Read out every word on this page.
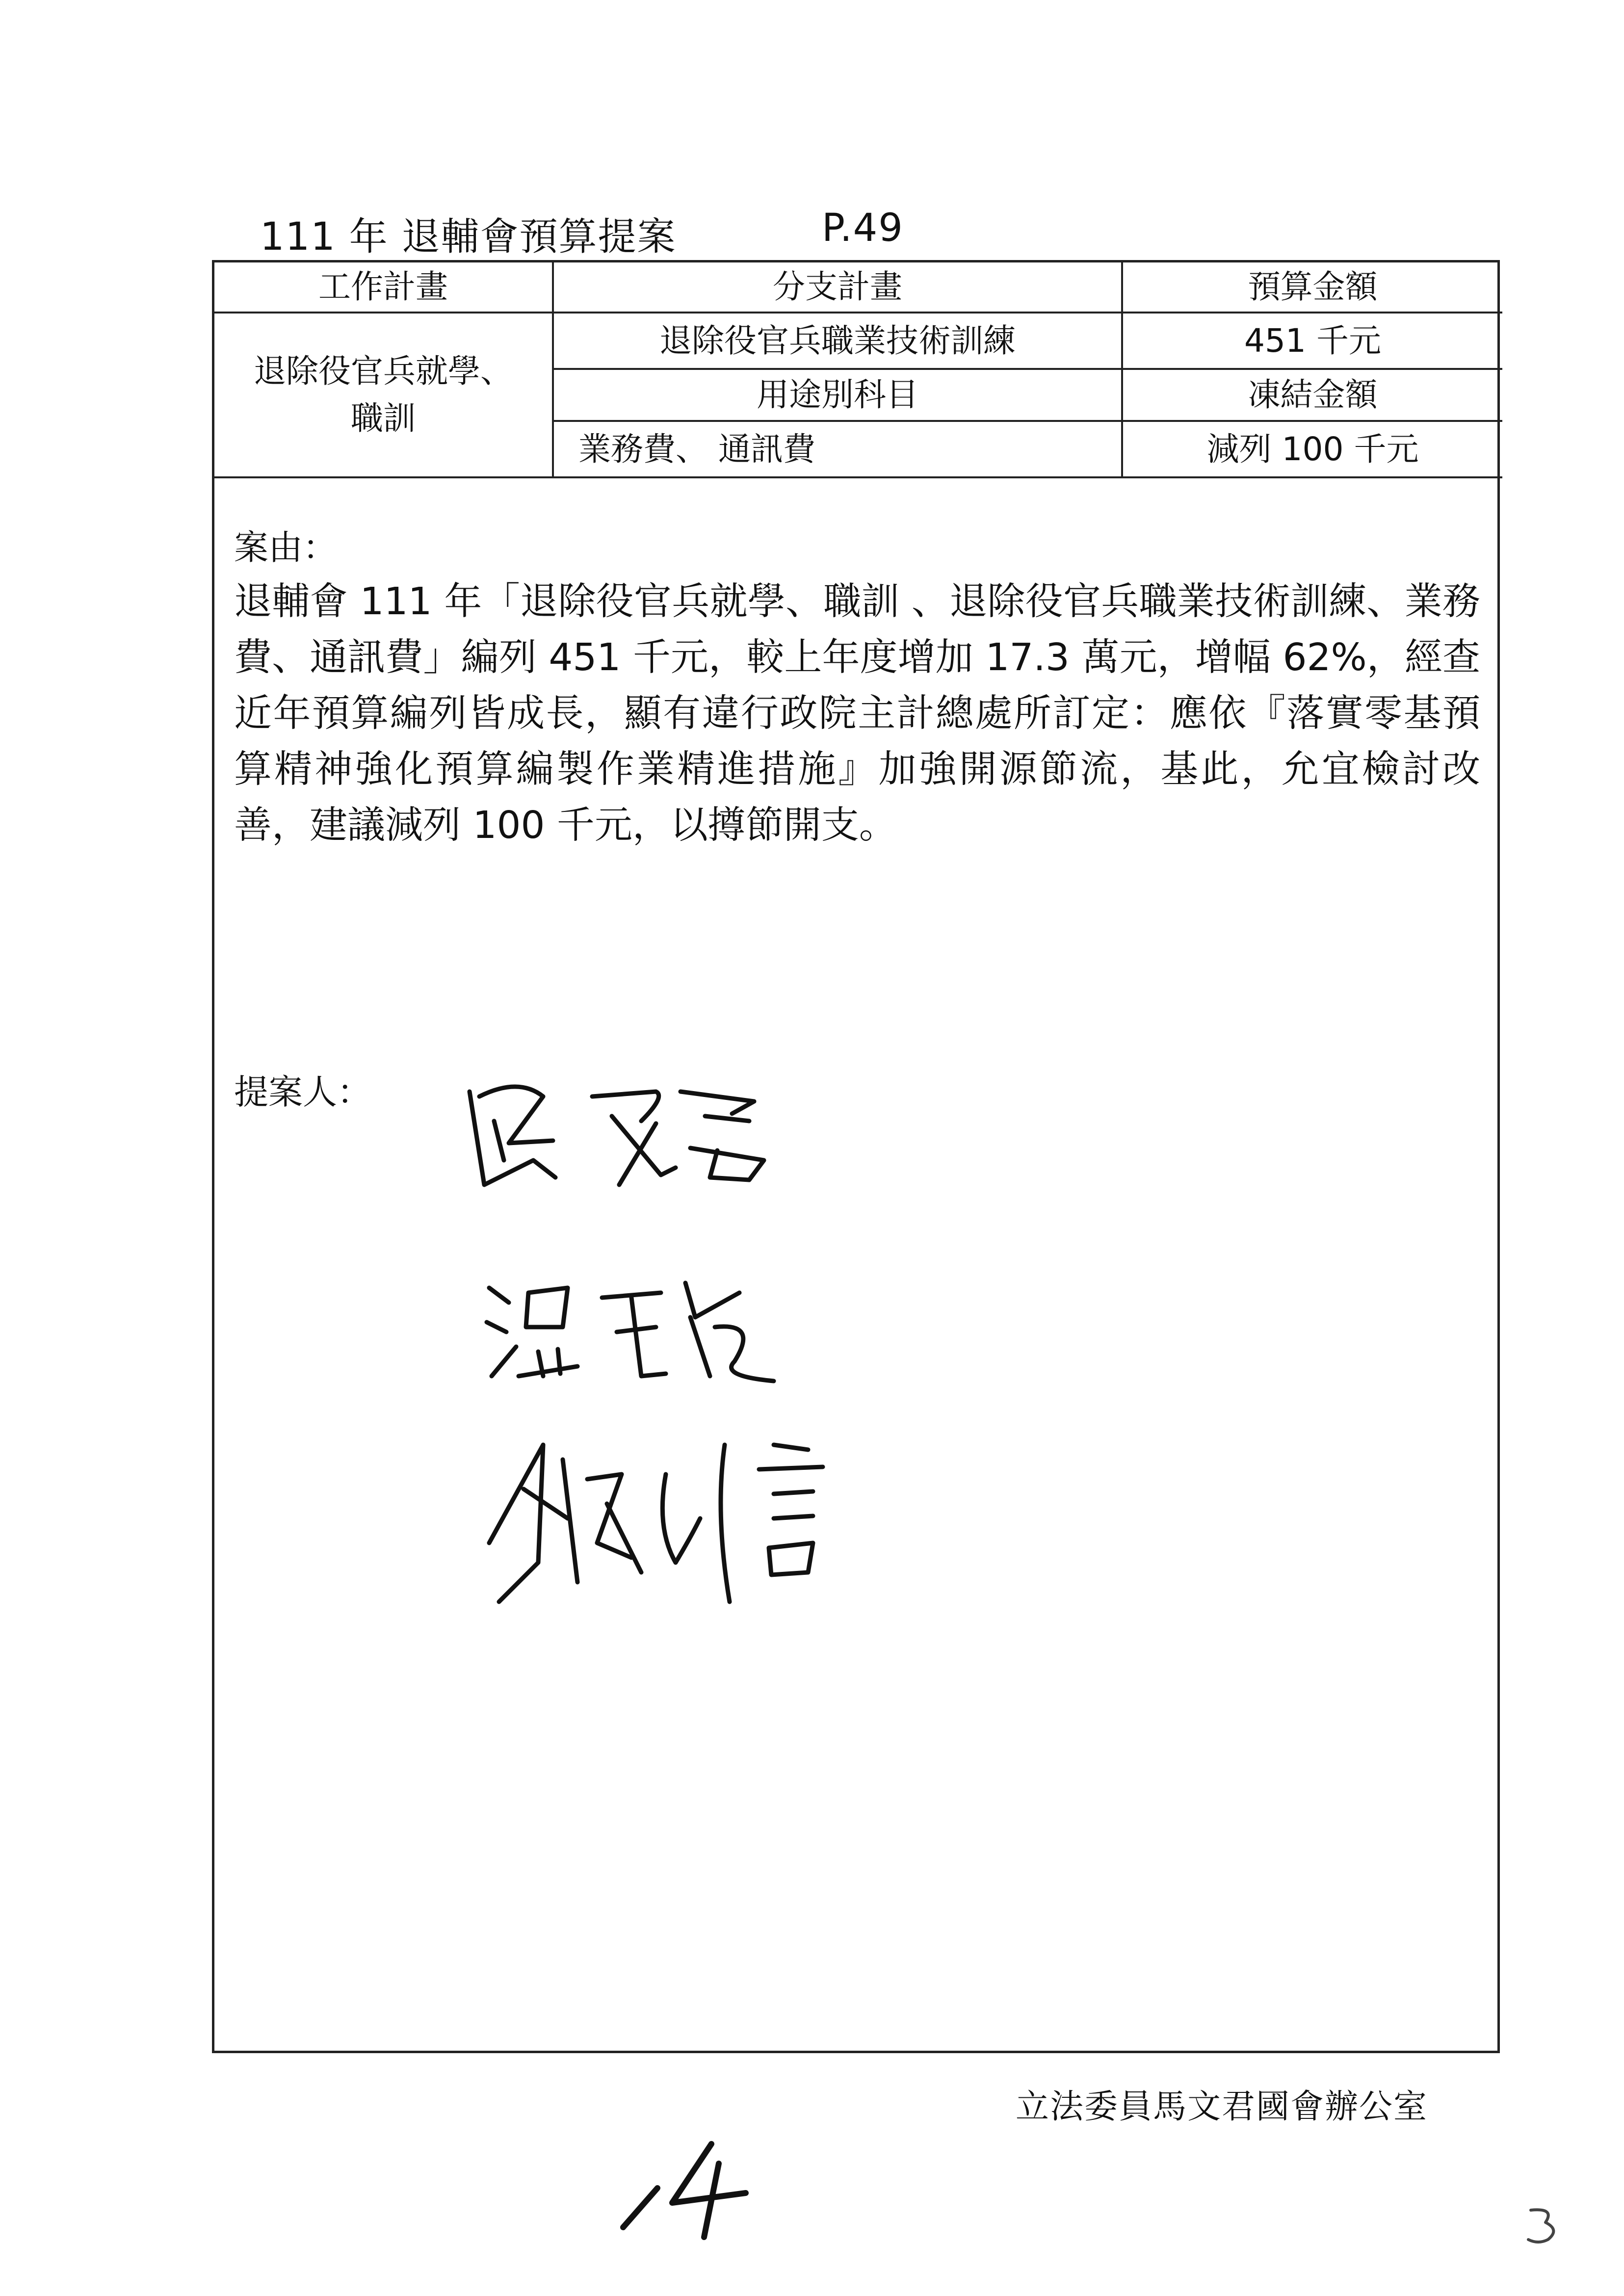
111 年 退輔會預算提案	P.49
工作計畫	分支計畫	預算金額

退除役官兵就學、職訓	退除役官兵職業技術訓練	451 千元
	用途別科目	凍結金額
	業務費、 通訊費	減列 100 千元
案由：
退輔會 111 年「退除役官兵就學、職訓 、退除役官兵職業技術訓練、業務費、通訊費」編列 451 千元，較上年度增加 17.3 萬元，增幅 62%，經查近年預算編列皆成長，顯有違行政院主計總處所訂定：應依『落實零基預算精神強化預算編製作業精進措施』加強開源節流，基此，允宜檢討改善，建議減列 100 千元，以撙節開支。
提案人：
立法委員馬文君國會辦公室
